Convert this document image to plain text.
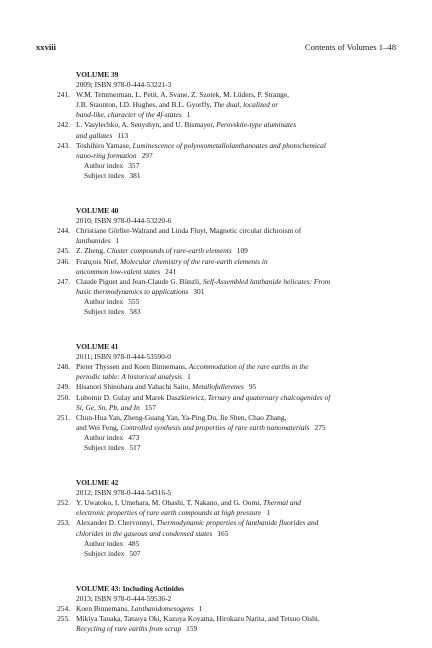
xxviii	Contents of Volumes 1–48
VOLUME 39
2009; ISBN 978-0-444-53221-3
241. W.M. Temmerman, L. Petit, A. Svane, Z. Szotek, M. Lüders, P. Strange,
J.B. Staunton, I.D. Hughes, and B.L. Gyorffy, The dual, localized or
band-like, character of the 4f-states 1
242. L. Vasylechko, A. Senyshyn, and U. Bismayer, Perovskite-type aluminates
and gallates 113
243. Toshihiro Yamase, Luminescence of polyoxometallolanthanoates and photochemical
nano-ring formation 297
Author index 357
Subject index 381
VOLUME 40
2010; ISBN 978-0-444-53220-6
244. Christiane Görller-Walrand and Linda Fluyt, Magnetic circular dichroism of
lanthanides 1
245. Z. Zheng, Cluster compounds of rare-earth elements 109
246. François Nief, Molecular chemistry of the rare-earth elements in
uncommon low-valent states 241
247. Claude Piguet and Jean-Claude G. Bünzli, Self-Assembled lanthanide helicates: From
basic thermodynamics to applications 301
Author index 555
Subject index 583
VOLUME 41
2011; ISBN 978-0-444-53590-0
248. Pieter Thyssen and Koen Binnemans, Accommodation of the rare earths in the
periodic table: A historical analysis 1
249. Hisanori Shinohara and Yahachi Saito, Metallofullerenes 95
250. Lubomir D. Gulay and Marek Daszkiewicz, Ternary and quaternary chalcogenides of
Si, Ge, Sn, Pb, and In 157
251. Chun-Hua Yan, Zheng-Guang Yan, Ya-Ping Du, Jie Shen, Chao Zhang,
and Wei Feng, Controlled synthesis and properties of rare earth nanomaterials 275
Author index 473
Subject index 517
VOLUME 42
2012; ISBN 978-0-444-54316-5
252. Y. Uwatoko, I. Umehara, M. Ohashi, T. Nakano, and G. Oomi, Thermal and
electronic properties of rare earth compounds at high pressure 1
253. Alexander D. Chervonnyi, Thermodynamic properties of lanthanide fluorides and
chlorides in the gaseous and condensed states 165
Author index 485
Subject index 507
VOLUME 43: Including Actinides
2013; ISBN 978-0-444-59536-2
254. Koen Binnemans, Lanthanidomesogens 1
255. Mikiya Tanaka, Tatsuya Oki, Kazuya Koyama, Hirokazu Narita, and Tetsuo Oishi,
Recycling of rare earths from scrap 159
